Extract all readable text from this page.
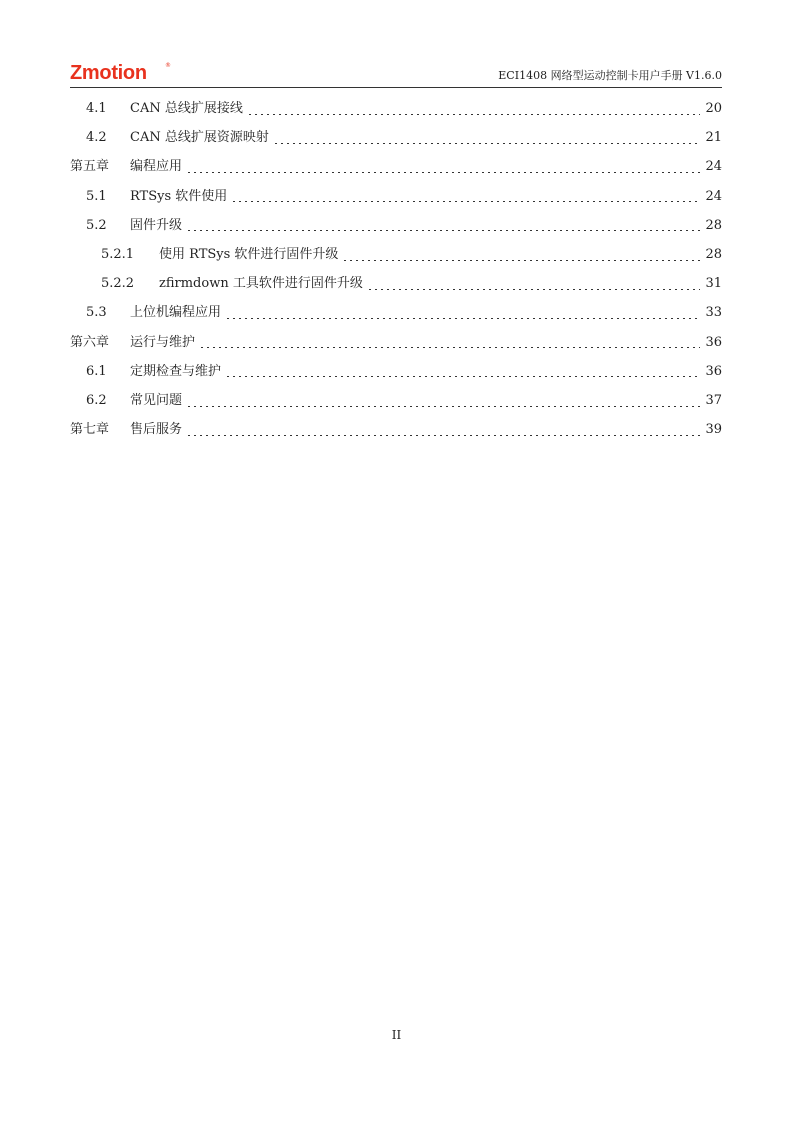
Zmotion	®
ECI1408 网络型运动控制卡用户手册 V1.6.0
4.1	CAN 总线扩展接线	20
4.2	CAN 总线扩展资源映射	21
第五章	编程应用	24
5.1	RTSys 软件使用	24
5.2	固件升级	28
5.2.1	使用 RTSys 软件进行固件升级	28
5.2.2	zfirmdown 工具软件进行固件升级	31
5.3	上位机编程应用	33
第六章	运行与维护	36
6.1	定期检查与维护	36
6.2	常见问题	37
第七章	售后服务	39
II
